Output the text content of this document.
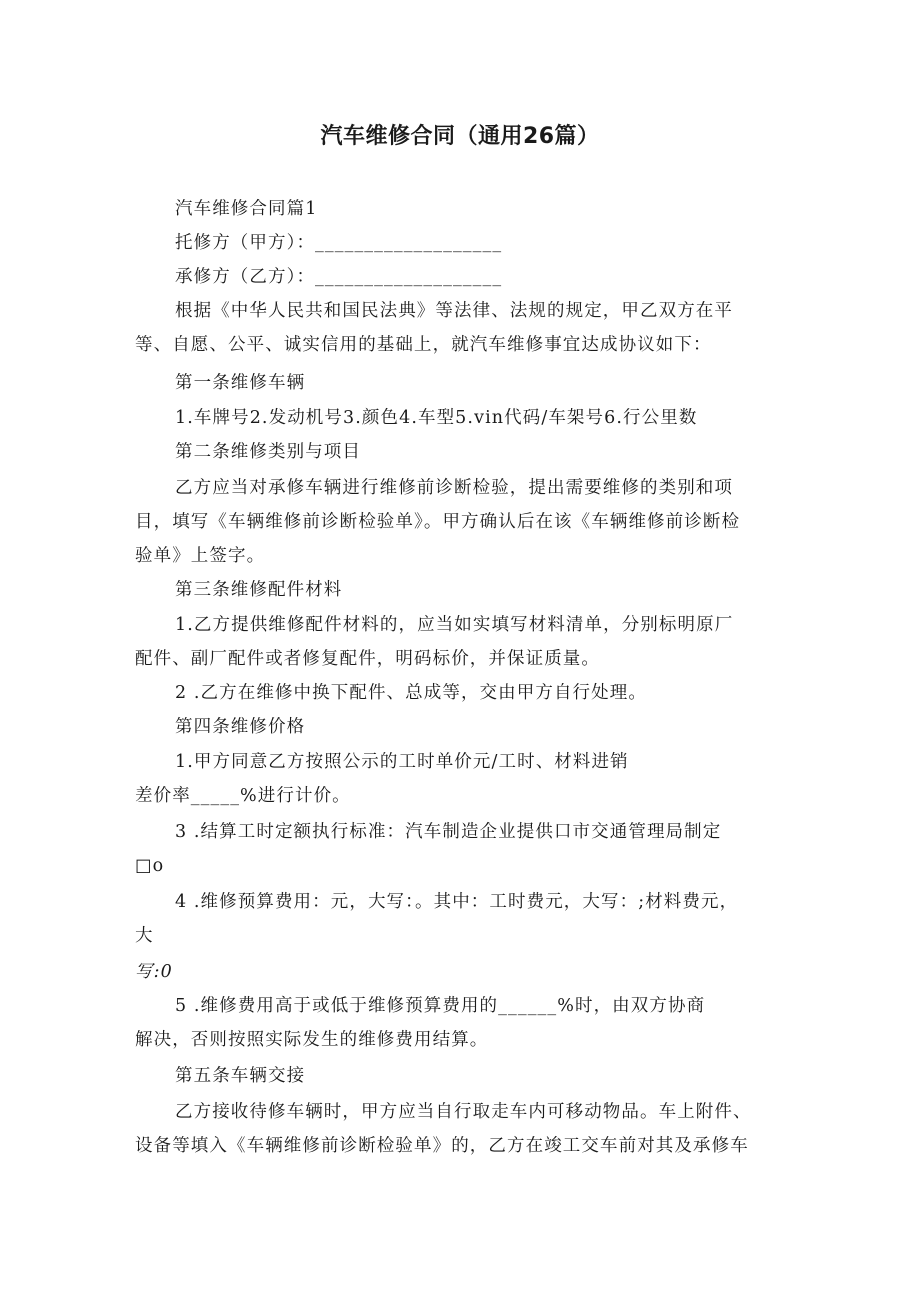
汽车维修合同（通用26篇）
汽车维修合同篇1
托修方（甲方）：___________________
承修方（乙方）：___________________
根据《中华人民共和国民法典》等法律、法规的规定，甲乙双方在平
等、自愿、公平、诚实信用的基础上，就汽车维修事宜达成协议如下：
第一条维修车辆
1.车牌号2.发动机号3.颜色4.车型5.vin代码/车架号6.行公里数
第二条维修类别与项目
乙方应当对承修车辆进行维修前诊断检验，提出需要维修的类别和项
目，填写《车辆维修前诊断检验单》。甲方确认后在该《车辆维修前诊断检
验单》上签字。
第三条维修配件材料
1.乙方提供维修配件材料的，应当如实填写材料清单，分别标明原厂
配件、副厂配件或者修复配件，明码标价，并保证质量。
2 .乙方在维修中换下配件、总成等，交由甲方自行处理。
第四条维修价格
1.甲方同意乙方按照公示的工时单价元/工时、材料进销
差价率_____%进行计价。
3 .结算工时定额执行标准：汽车制造企业提供口市交通管理局制定
□o
4 .维修预算费用：元，大写：。其中：工时费元，大写：;材料费元，
大
写:0
5 .维修费用高于或低于维修预算费用的______%时，由双方协商
解决，否则按照实际发生的维修费用结算。
第五条车辆交接
乙方接收待修车辆时，甲方应当自行取走车内可移动物品。车上附件、
设备等填入《车辆维修前诊断检验单》的，乙方在竣工交车前对其及承修车
